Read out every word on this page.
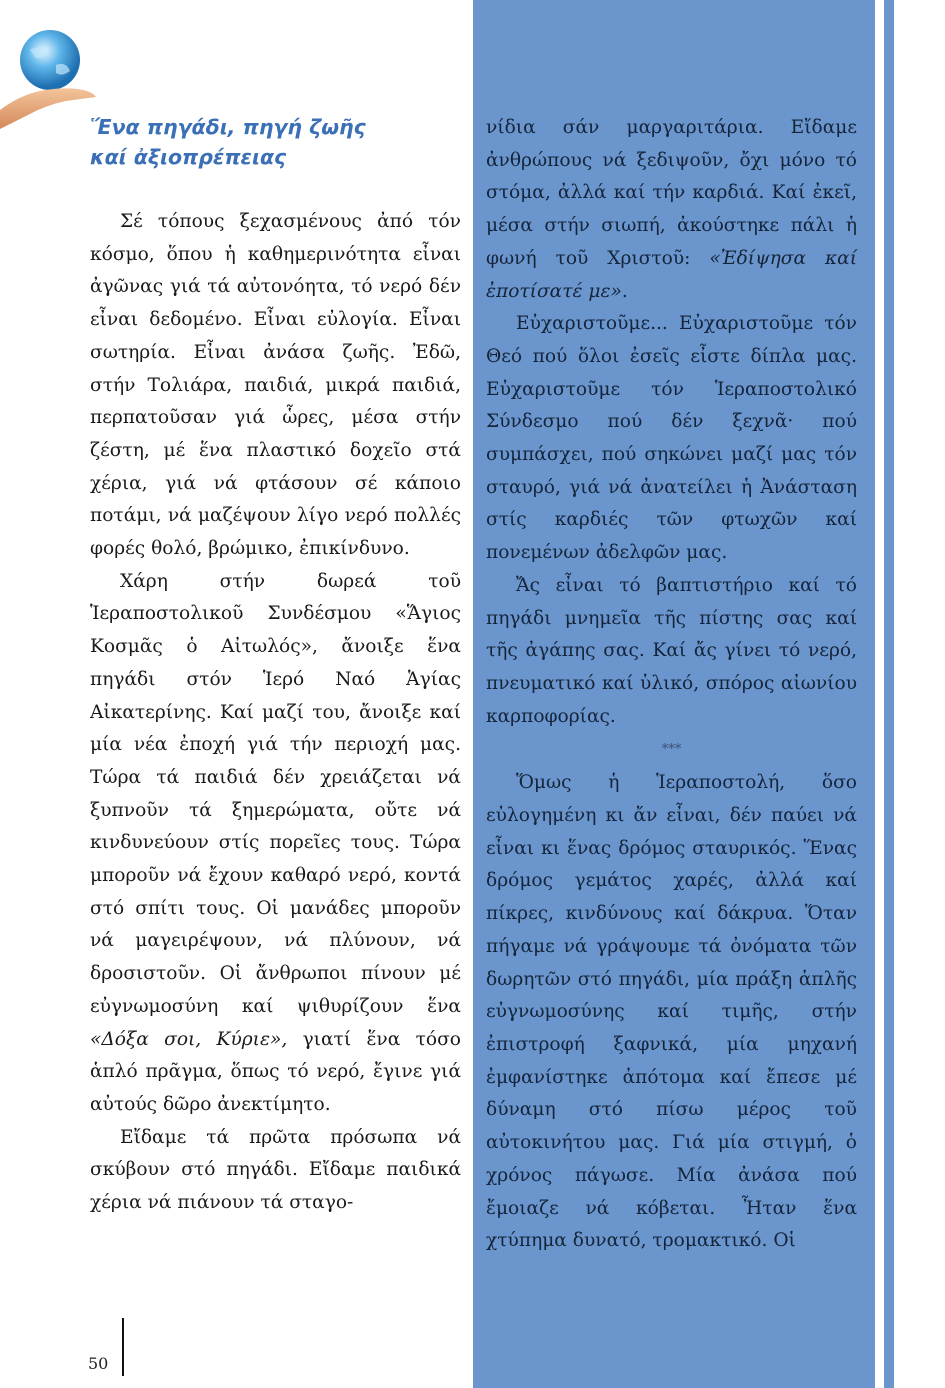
Ἕνα πηγάδι, πηγή ζωῆς
καί ἀξιοπρέπειας

Σέ τόπους ξεχασμένους ἀπό τόν κόσμο, ὅπου ἡ καθημερινότητα εἶναι ἀγῶνας γιά τά αὐτονόητα, τό νερό δέν εἶναι δεδομένο. Εἶναι εὐλογία. Εἶναι σωτηρία. Εἶναι ἀνάσα ζωῆς. Ἐδῶ, στήν Τολιάρα, παιδιά, μικρά παιδιά, περπατοῦσαν γιά ὧρες, μέσα στήν ζέστη, μέ ἕνα πλαστικό δοχεῖο στά χέρια, γιά νά φτάσουν σέ κάποιο ποτάμι, νά μαζέψουν λίγο νερό πολλές φορές θολό, βρώμικο, ἐπικίνδυνο.

Χάρη στήν δωρεά τοῦ Ἱεραποστολικοῦ Συνδέσμου «Ἅγιος Κοσμᾶς ὁ Αἰτωλός», ἄνοιξε ἕνα πηγάδι στόν Ἱερό Ναό Ἁγίας Αἰκατερίνης. Καί μαζί του, ἄνοιξε καί μία νέα ἐποχή γιά τήν περιοχή μας. Τώρα τά παιδιά δέν χρειάζεται νά ξυπνοῦν τά ξημερώματα, οὔτε νά κινδυνεύουν στίς πορεῖες τους. Τώρα μποροῦν νά ἔχουν καθαρό νερό, κοντά στό σπίτι τους. Οἱ μανάδες μποροῦν νά μαγειρέψουν, νά πλύνουν, νά δροσιστοῦν. Οἱ ἄνθρωποι πίνουν μέ εὐγνωμοσύνη καί ψιθυρίζουν ἕνα «Δόξα σοι, Κύριε», γιατί ἕνα τόσο ἁπλό πρᾶγμα, ὅπως τό νερό, ἔγινε γιά αὐτούς δῶρο ἀνεκτίμητο.

Εἴδαμε τά πρῶτα πρόσωπα νά σκύβουν στό πηγάδι. Εἴδαμε παιδικά χέρια νά πιάνουν τά σταγο-

νίδια σάν μαργαριτάρια. Εἴδαμε ἀνθρώπους νά ξεδιψοῦν, ὄχι μόνο τό στόμα, ἀλλά καί τήν καρδιά. Καί ἐκεῖ, μέσα στήν σιωπή, ἀκούστηκε πάλι ἡ φωνή τοῦ Χριστοῦ: «Ἐδίψησα καί ἐποτίσατέ με».

Εὐχαριστοῦμε... Εὐχαριστοῦμε τόν Θεό πού ὅλοι ἐσεῖς εἶστε δίπλα μας. Εὐχαριστοῦμε τόν Ἱεραποστολικό Σύνδεσμο πού δέν ξεχνᾶ· πού συμπάσχει, πού σηκώνει μαζί μας τόν σταυρό, γιά νά ἀνατείλει ἡ Ἀνάσταση στίς καρδιές τῶν φτωχῶν καί πονεμένων ἀδελφῶν μας.

Ἄς εἶναι τό βαπτιστήριο καί τό πηγάδι μνημεῖα τῆς πίστης σας καί τῆς ἀγάπης σας. Καί ἄς γίνει τό νερό, πνευματικό καί ὑλικό, σπόρος αἰωνίου καρποφορίας.

***

Ὅμως ἡ Ἱεραποστολή, ὅσο εὐλογημένη κι ἄν εἶναι, δέν παύει νά εἶναι κι ἕνας δρόμος σταυρικός. Ἕνας δρόμος γεμάτος χαρές, ἀλλά καί πίκρες, κινδύνους καί δάκρυα. Ὅταν πήγαμε νά γράψουμε τά ὀνόματα τῶν δωρητῶν στό πηγάδι, μία πράξη ἁπλῆς εὐγνωμοσύνης καί τιμῆς, στήν ἐπιστροφή ξαφνικά, μία μηχανή ἐμφανίστηκε ἀπότομα καί ἔπεσε μέ δύναμη στό πίσω μέρος τοῦ αὐτοκινήτου μας. Γιά μία στιγμή, ὁ χρόνος πάγωσε. Μία ἀνάσα πού ἔμοιαζε νά κόβεται. Ἦταν ἕνα χτύπημα δυνατό, τρομακτικό. Οἱ

50
